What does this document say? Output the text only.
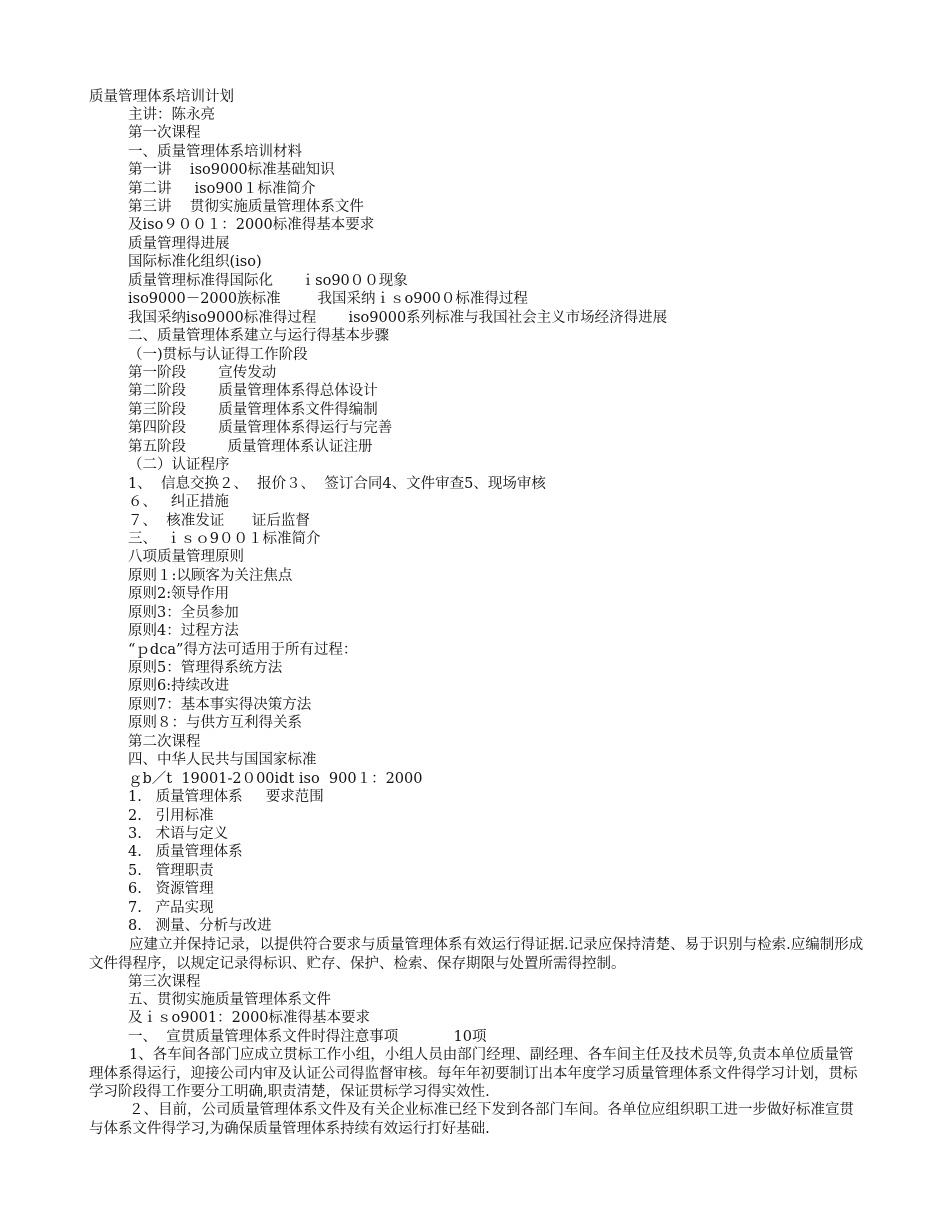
质量管理体系培训计划
主讲：陈永亮
第一次课程
一、质量管理体系培训材料
第一讲    iso9000标准基础知识
第二讲     iso900１标准简介
第三讲    贯彻实施质量管理体系文件
及iso９００１：2000标准得基本要求
质量管理得进展
国际标准化组织(iso)
质量管理标准得国际化      ｉso90００现象
iso9000－2000族标准        我国采纳ｉｓo900０标准得过程
我国采纳iso9000标准得过程       iso9000系列标准与我国社会主义市场经济得进展
二、质量管理体系建立与运行得基本步骤
（一)贯标与认证得工作阶段
第一阶段       宣传发动
第二阶段       质量管理体系得总体设计
第三阶段       质量管理体系文件得编制
第四阶段       质量管理体系得运行与完善
第五阶段         质量管理体系认证注册
（二）认证程序
1、  信息交换２、  报价３、  签订合同4、文件审查5、现场审核
６、   纠正措施
７、  核准发证      证后监督
三、  ｉｓｏ9００１标准简介
八项质量管理原则
原则１:以顾客为关注焦点
原则2:领导作用
原则3：全员参加
原则4：过程方法
“ｐdca”得方法可适用于所有过程：
原则5：管理得系统方法
原则6:持续改进
原则7：基本事实得决策方法
原则８：与供方互利得关系
第二次课程
四、中华人民共与国国家标准
ｇb／t  19001-2０00idt iso  900１：2000
1.   质量管理体系     要求范围
2.   引用标准
3.   术语与定义
4.   质量管理体系
5.   管理职责
6.   资源管理
7.   产品实现
8.   测量、分析与改进
应建立并保持记录，以提供符合要求与质量管理体系有效运行得证据.记录应保持清楚、易于识别与检索.应编制形成文件得程序，以规定记录得标识、贮存、保护、检索、保存期限与处置所需得控制。
第三次课程
五、贯彻实施质量管理体系文件
及ｉｓo9001：2000标准得基本要求
一、  宣贯质量管理体系文件时得注意事项            10项
1、各车间各部门应成立贯标工作小组，小组人员由部门经理、副经理、各车间主任及技术员等,负责本单位质量管理体系得运行，迎接公司内审及认证公司得监督审核。每年年初要制订出本年度学习质量管理体系文件得学习计划，贯标学习阶段得工作要分工明确,职责清楚，保证贯标学习得实效性.
２、目前，公司质量管理体系文件及有关企业标准已经下发到各部门车间。各单位应组织职工进一步做好标准宣贯与体系文件得学习,为确保质量管理体系持续有效运行打好基础.
